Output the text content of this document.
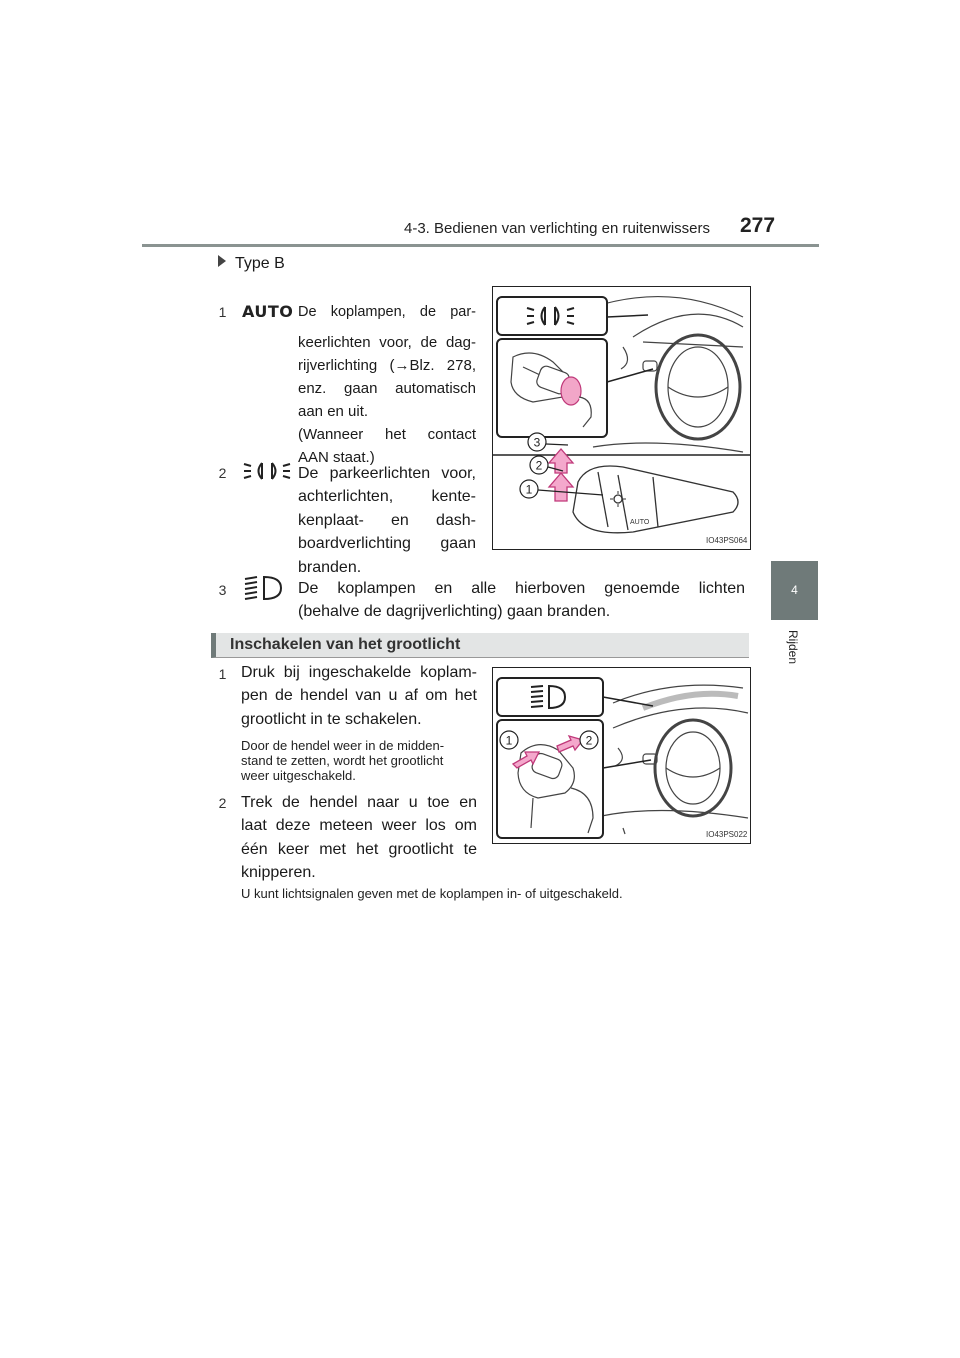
4-3. Bedienen van verlichting en ruitenwissers 277
4
Rijden
Type B
1 AUTO De koplampen, de par-
keerlichten voor, de dag-
rijverlichting (→Blz. 278,
enz. gaan automatisch
aan en uit.
(Wanneer het contact
AAN staat.)
2	De parkeerlichten voor,
achterlichten, kente-
kenplaat- en dash-
boardverlichting gaan
branden.
3	De koplampen en alle hierboven genoemde lichten
(behalve de dagrijverlichting) gaan branden.
AUTO
3
2
1
IO43PS064
Inschakelen van het grootlicht
1 Druk bij ingeschakelde koplam-
pen de hendel van u af om het
grootlicht in te schakelen.
Door de hendel weer in de midden-
stand te zetten, wordt het grootlicht
weer uitgeschakeld.
2 Trek de hendel naar u toe en
laat deze meteen weer los om
één keer met het grootlicht te
knipperen.
1	2
IO43PS022
U kunt lichtsignalen geven met de koplampen in- of uitgeschakeld.
